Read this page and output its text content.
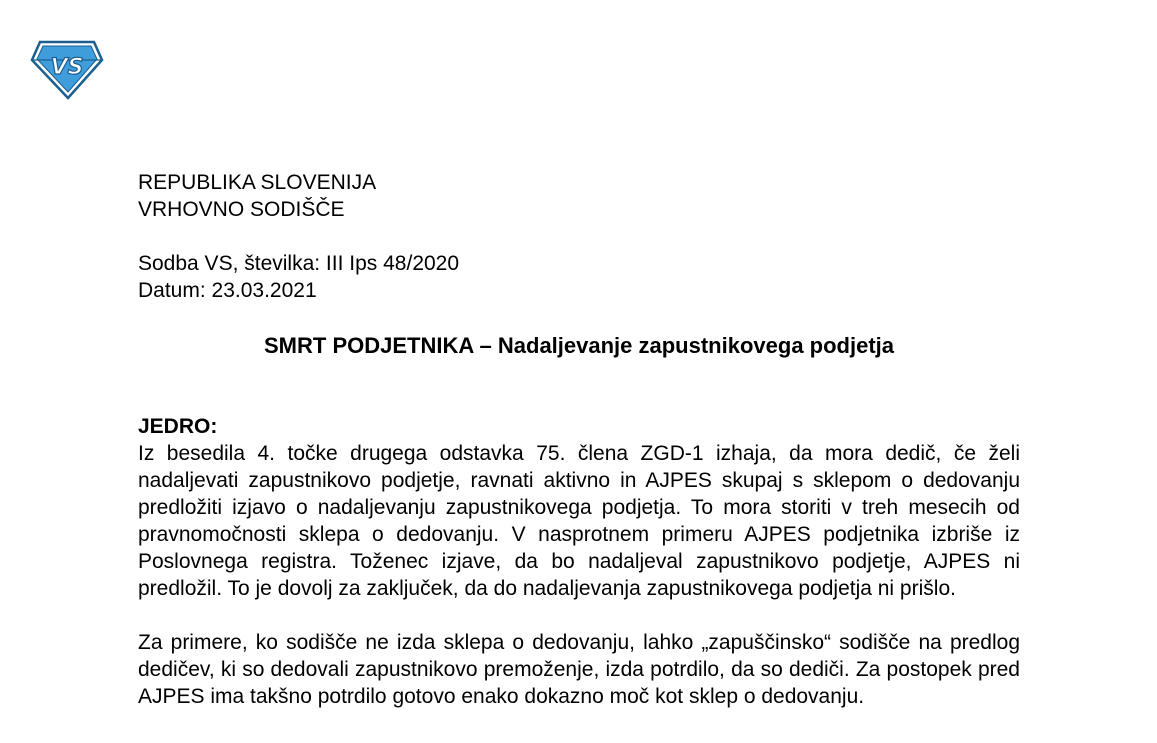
VS
REPUBLIKA SLOVENIJA
VRHOVNO SODIŠČE
Sodba VS, številka: III Ips 48/2020
Datum: 23.03.2021
SMRT PODJETNIKA – Nadaljevanje zapustnikovega podjetja

JEDRO:

Iz besedila 4. točke drugega odstavka 75. člena ZGD-1 izhaja, da mora dedič, če želi nadaljevati zapustnikovo podjetje, ravnati aktivno in AJPES skupaj s sklepom o dedovanju predložiti izjavo o nadaljevanju zapustnikovega podjetja. To mora storiti v treh mesecih od pravnomočnosti sklepa o dedovanju. V nasprotnem primeru AJPES podjetnika izbriše iz Poslovnega registra. Toženec izjave, da bo nadaljeval zapustnikovo podjetje, AJPES ni predložil. To je dovolj za zaključek, da do nadaljevanja zapustnikovega podjetja ni prišlo.

Za primere, ko sodišče ne izda sklepa o dedovanju, lahko „zapuščinsko“ sodišče na predlog dedičev, ki so dedovali zapustnikovo premoženje, izda potrdilo, da so dediči. Za postopek pred AJPES ima takšno potrdilo gotovo enako dokazno moč kot sklep o dedovanju.
